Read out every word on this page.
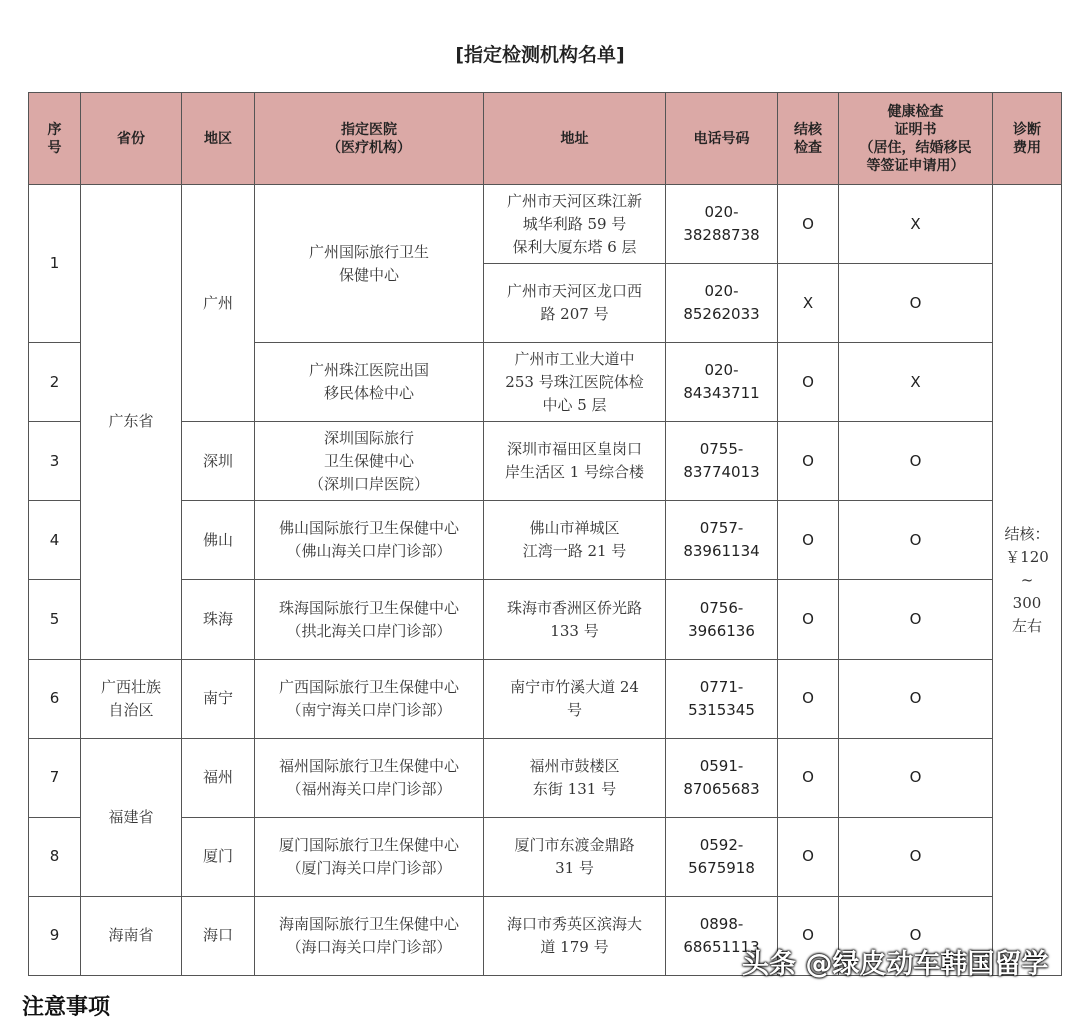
[指定检测机构名单]
序
号	省份	地区	指定医院
（医疗机构）	地址	电话号码	结核
检查	健康检查
证明书
（居住，结婚移民
等签证申请用）	诊断
费用
1	广东省	广州	广州国际旅行卫生
保健中心	广州市天河区珠江新
城华利路 59 号
保利大厦东塔 6 层	020-
38288738	O	X	结核：
￥120
~
300
左右
				广州市天河区龙口西
路 207 号	020-
85262033	X	O	
2			广州珠江医院出国
移民体检中心	广州市工业大道中
253 号珠江医院体检
中心 5 层	020-
84343711	O	X	
3		深圳	深圳国际旅行
卫生保健中心
（深圳口岸医院）	深圳市福田区皇岗口
岸生活区 1 号综合楼	0755-
83774013	O	O	
4		佛山	佛山国际旅行卫生保健中心
（佛山海关口岸门诊部）	佛山市禅城区
江湾一路 21 号	0757-
83961134	O	O	
5		珠海	珠海国际旅行卫生保健中心
（拱北海关口岸门诊部）	珠海市香洲区侨光路
133 号	0756-
3966136	O	O	
6	广西壮族
自治区	南宁	广西国际旅行卫生保健中心
（南宁海关口岸门诊部）	南宁市竹溪大道 24
号	0771-
5315345	O	O	
7	福建省	福州	福州国际旅行卫生保健中心
（福州海关口岸门诊部）	福州市鼓楼区
东街 131 号	0591-
87065683	O	O	
8		厦门	厦门国际旅行卫生保健中心
（厦门海关口岸门诊部）	厦门市东渡金鼎路
31 号	0592-
5675918	O	O	
9	海南省	海口	海南国际旅行卫生保健中心
（海口海关口岸门诊部）	海口市秀英区滨海大
道 179 号	0898-
68651113	O	O	
头条 @绿皮动车韩国留学
注意事项
